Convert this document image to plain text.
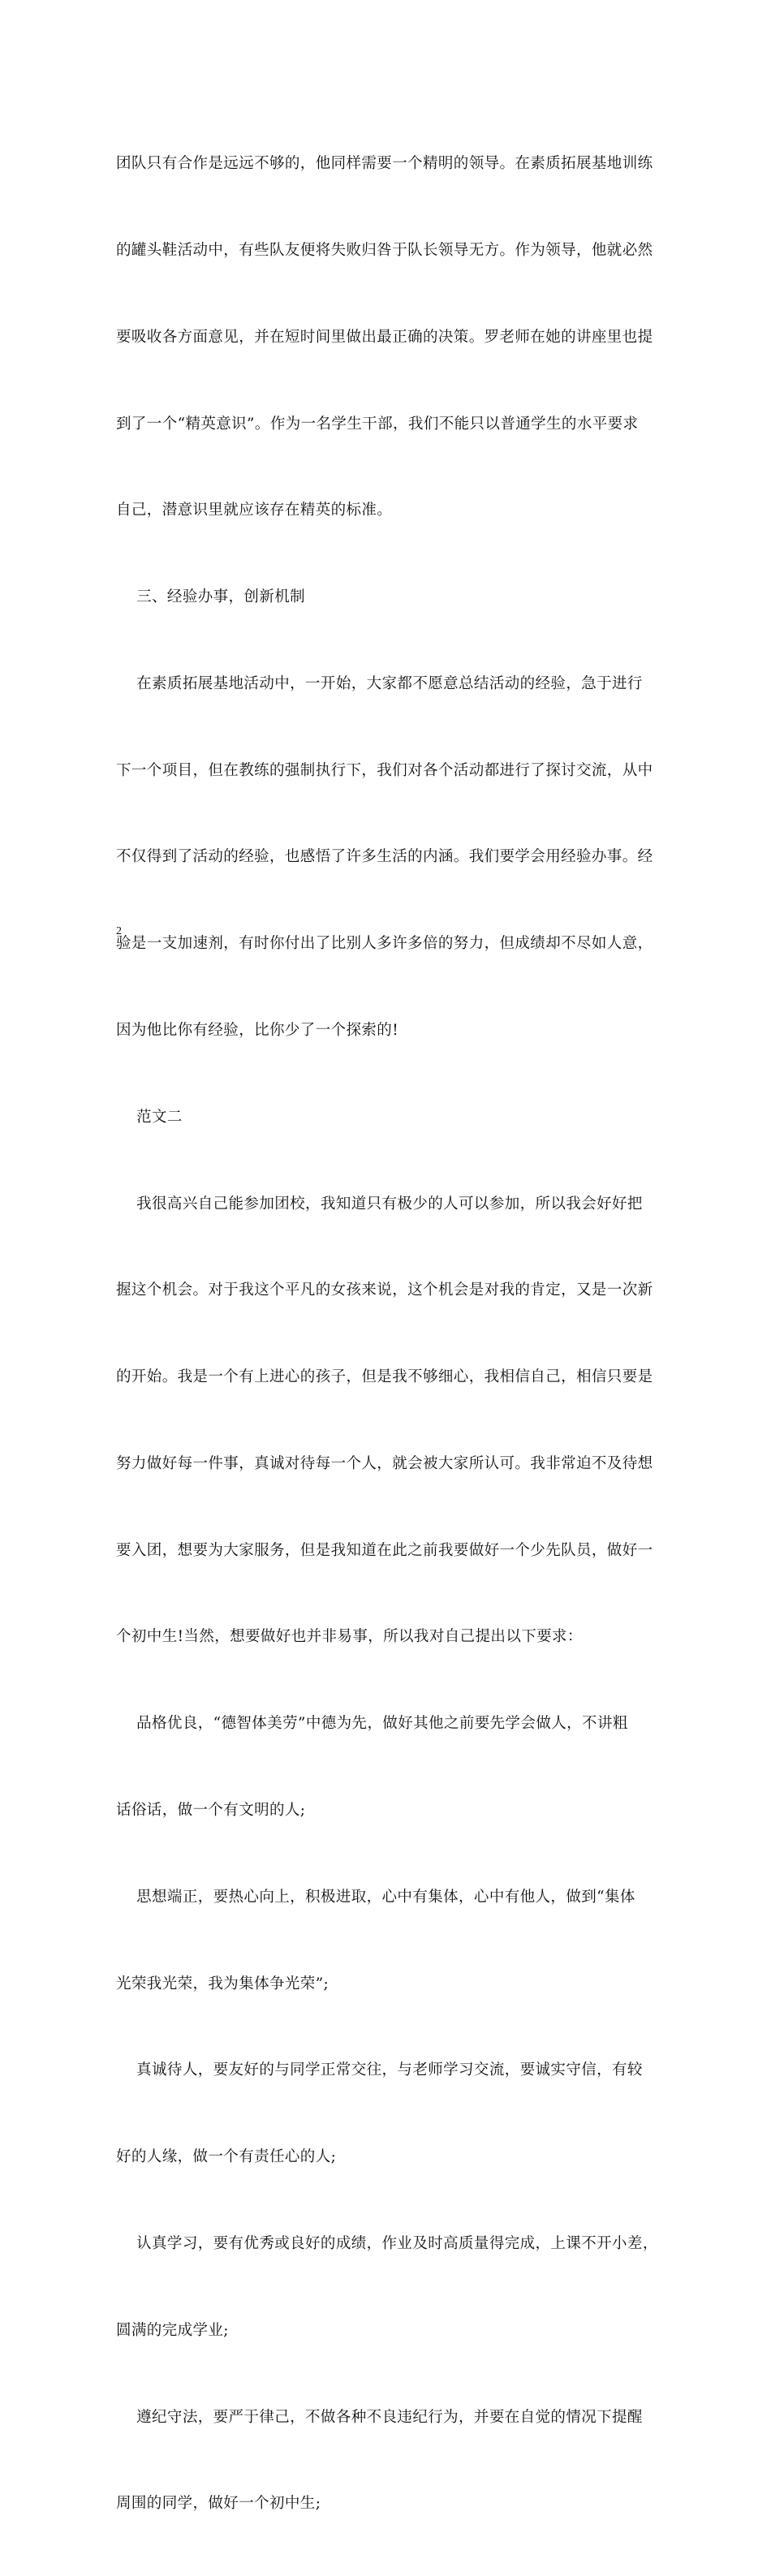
团队只有合作是远远不够的，他同样需要一个精明的领导。在素质拓展基地训练

的罐头鞋活动中，有些队友便将失败归咎于队长领导无方。作为领导，他就必然

要吸收各方面意见，并在短时间里做出最正确的决策。罗老师在她的讲座里也提

到了一个“精英意识”。作为一名学生干部，我们不能只以普通学生的水平要求

自己，潜意识里就应该存在精英的标准。

三、经验办事，创新机制

在素质拓展基地活动中，一开始，大家都不愿意总结活动的经验，急于进行

下一个项目，但在教练的强制执行下，我们对各个活动都进行了探讨交流，从中

不仅得到了活动的经验，也感悟了许多生活的内涵。我们要学会用经验办事。经

验是一支加速剂，有时你付出了比别人多许多倍的努力，但成绩却不尽如人意，

因为他比你有经验，比你少了一个探索的!

范文二

我很高兴自己能参加团校，我知道只有极少的人可以参加，所以我会好好把

握这个机会。对于我这个平凡的女孩来说，这个机会是对我的肯定，又是一次新

的开始。我是一个有上进心的孩子，但是我不够细心，我相信自己，相信只要是

努力做好每一件事，真诚对待每一个人，就会被大家所认可。我非常迫不及待想

要入团，想要为大家服务，但是我知道在此之前我要做好一个少先队员，做好一

个初中生!当然，想要做好也并非易事，所以我对自己提出以下要求：

品格优良，“德智体美劳”中德为先，做好其他之前要先学会做人，不讲粗

话俗话，做一个有文明的人;

思想端正，要热心向上，积极进取，心中有集体，心中有他人，做到“集体

光荣我光荣，我为集体争光荣”;

真诚待人，要友好的与同学正常交往，与老师学习交流，要诚实守信，有较

好的人缘，做一个有责任心的人;

认真学习，要有优秀或良好的成绩，作业及时高质量得完成，上课不开小差，

圆满的完成学业;

遵纪守法，要严于律己，不做各种不良违纪行为，并要在自觉的情况下提醒

周围的同学，做好一个初中生;

2
